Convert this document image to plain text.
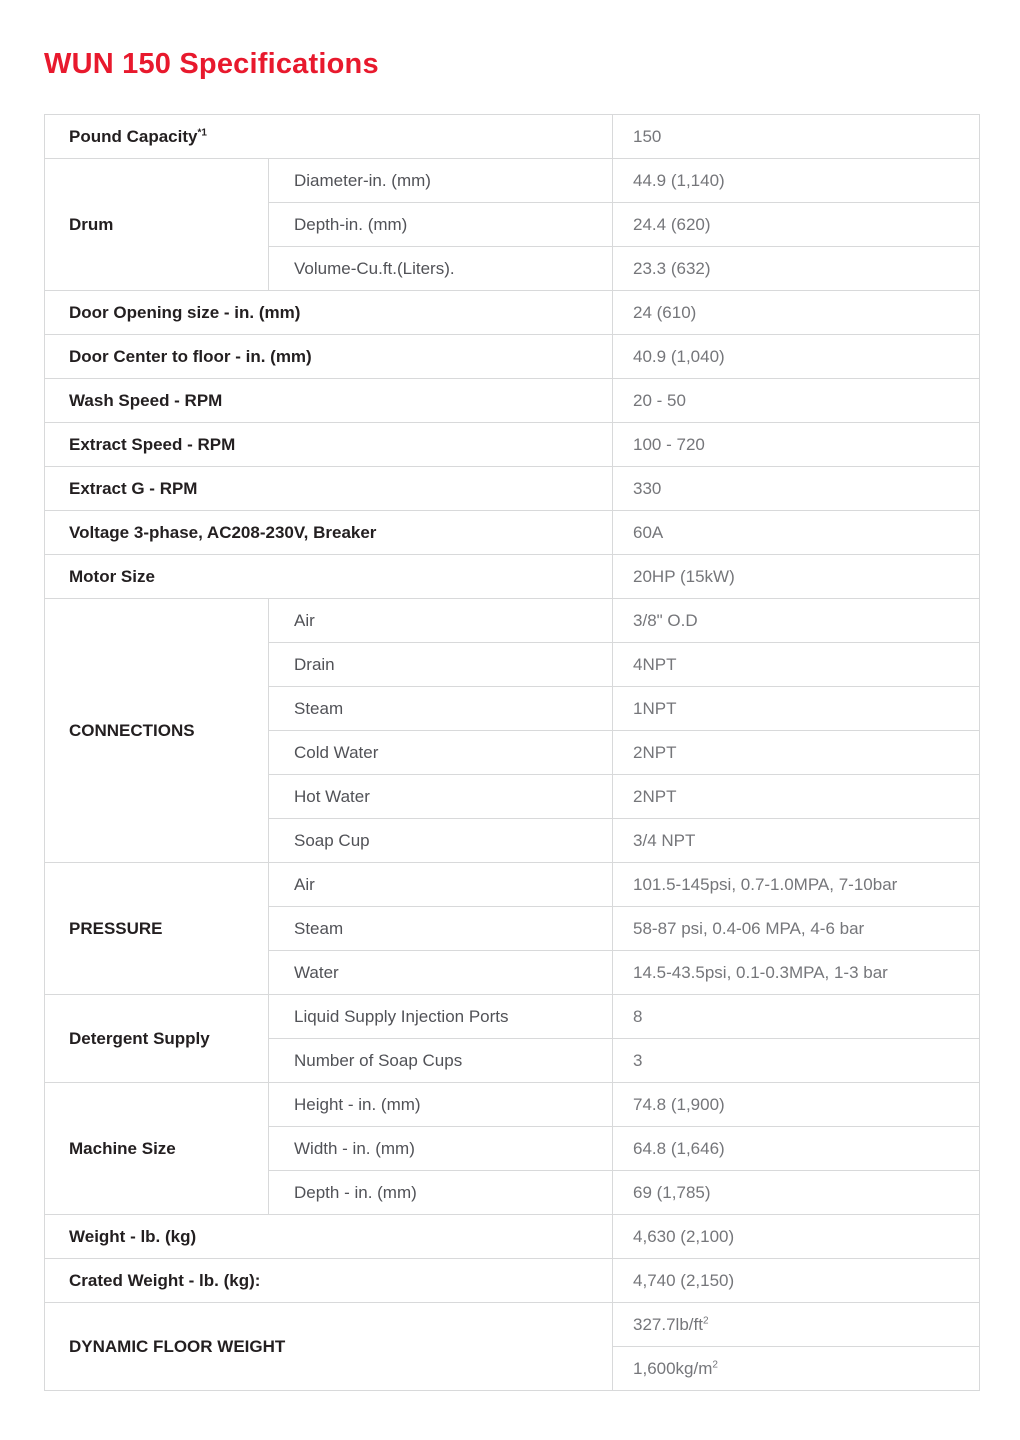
WUN 150 Specifications
Pound Capacity$^{*1}$		150
Drum	Diameter-in. (mm)	44.9 (1,140)
	Depth-in. (mm)	24.4 (620)
	Volume-Cu.ft.(Liters).	23.3 (632)
Door Opening size - in. (mm)		24 (610)
Door Center to floor - in. (mm)		40.9 (1,040)
Wash Speed - RPM		20 - 50
Extract Speed - RPM		100 - 720
Extract G - RPM		330
Voltage 3-phase, AC208-230V, Breaker		60A
Motor Size		20HP (15kW)
CONNECTIONS	Air	3/8" O.D
	Drain	4NPT
	Steam	1NPT
	Cold Water	2NPT
	Hot Water	2NPT
	Soap Cup	3/4 NPT
PRESSURE	Air	101.5-145psi, 0.7-1.0MPA, 7-10bar
	Steam	58-87 psi, 0.4-06 MPA, 4-6 bar
	Water	14.5-43.5psi, 0.1-0.3MPA, 1-3 bar
Detergent Supply	Liquid Supply Injection Ports	8
	Number of Soap Cups	3
Machine Size	Height - in. (mm)	74.8 (1,900)
	Width - in. (mm)	64.8 (1,646)
	Depth - in. (mm)	69 (1,785)
Weight - lb. (kg)		4,630 (2,100)
Crated Weight - lb. (kg):		4,740 (2,150)
DYNAMIC FLOOR WEIGHT		$327.7lb/ft^2$
		$1,600kg/m^2$
